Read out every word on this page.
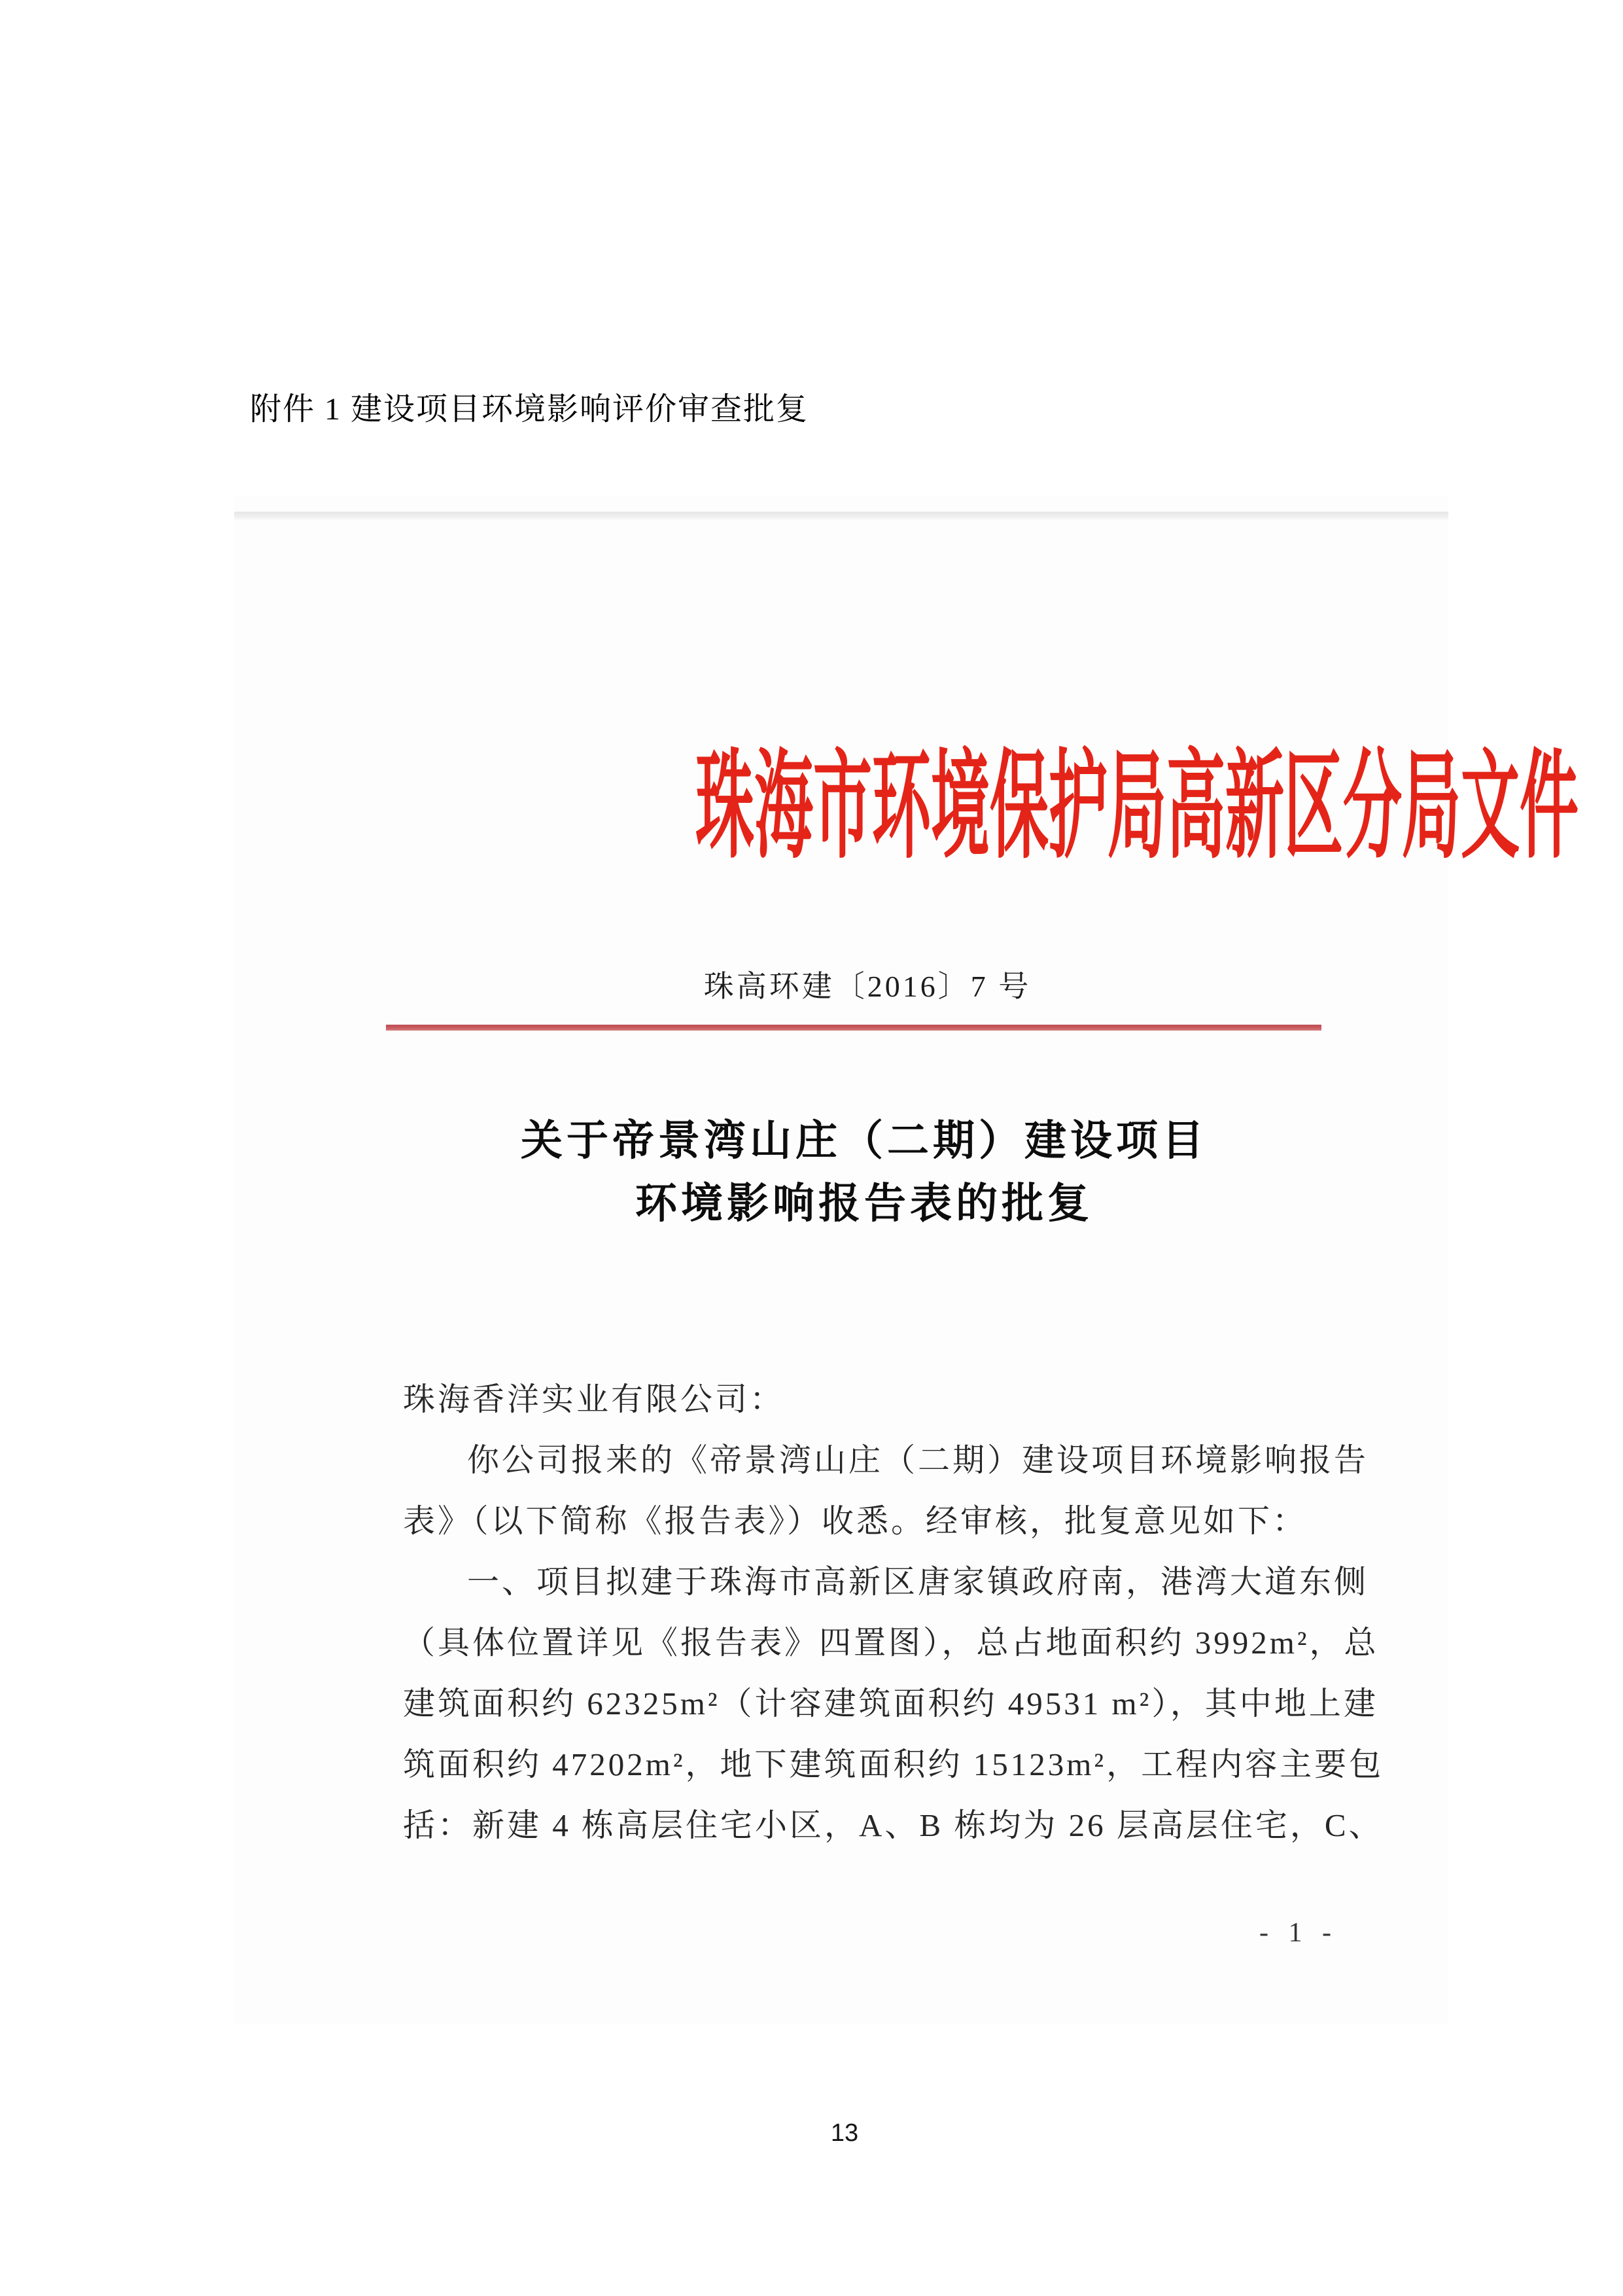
附件 1 建设项目环境影响评价审查批复
珠海市环境保护局高新区分局文件
珠高环建〔2016〕7 号
关于帝景湾山庄（二期）建设项目
环境影响报告表的批复
珠海香洋实业有限公司：
你公司报来的《帝景湾山庄（二期）建设项目环境影响报告
表》（以下简称《报告表》）收悉。经审核，批复意见如下：
一、项目拟建于珠海市高新区唐家镇政府南，港湾大道东侧
（具体位置详见《报告表》四置图），总占地面积约 3992m²，总
建筑面积约 62325m²（计容建筑面积约 49531 m²），其中地上建
筑面积约 47202m²，地下建筑面积约 15123m²，工程内容主要包
括：新建 4 栋高层住宅小区，A、B 栋均为 26 层高层住宅，C、
- 1 -
13
